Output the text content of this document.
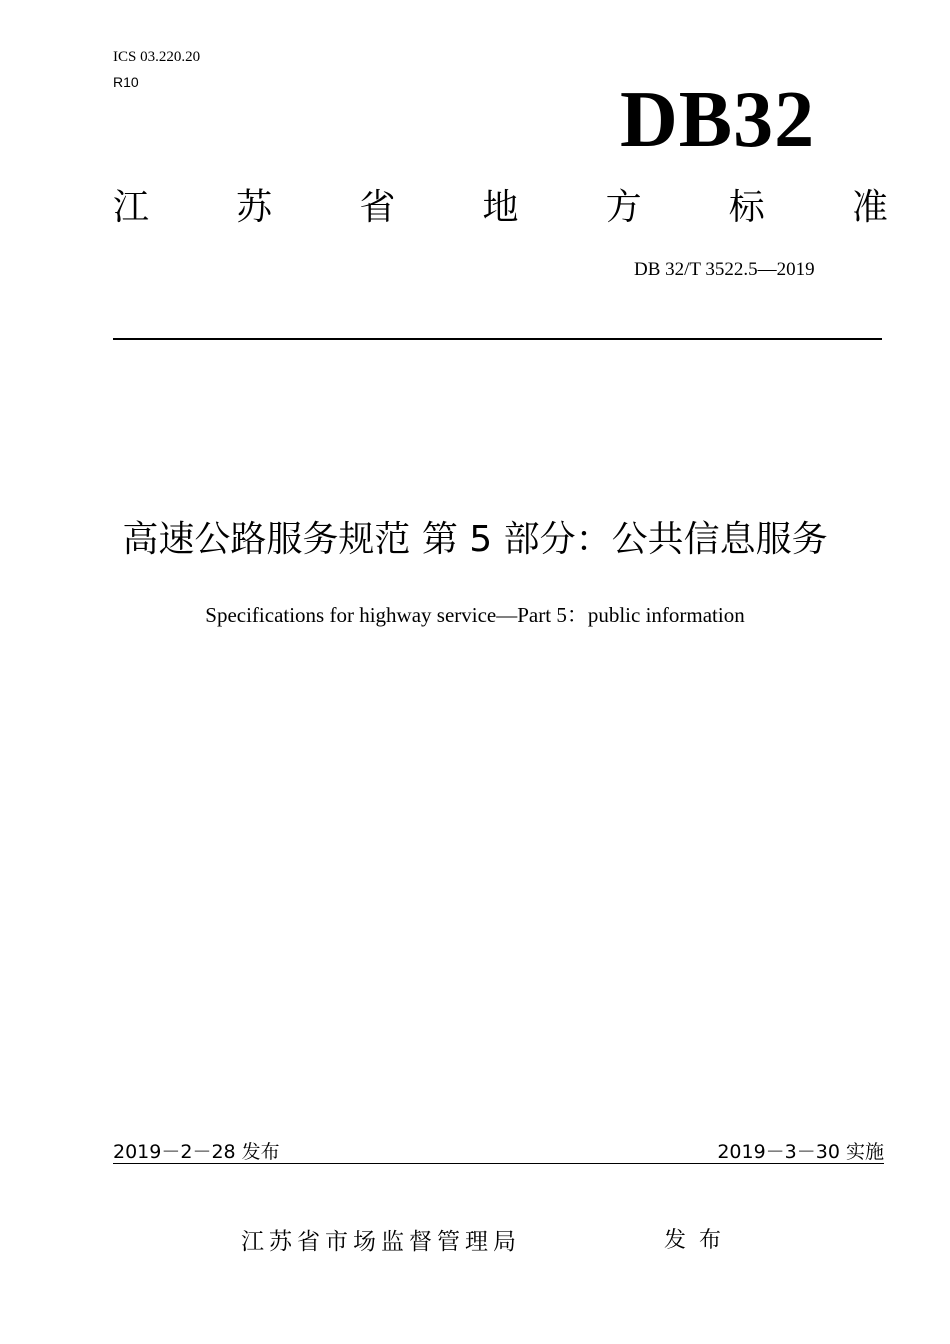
ICS 03.220.20
R10	DB32
江 苏 省 地 方 标 准
DB 32/T 3522.5—2019
高速公路服务规范 第 5 部分：公共信息服务
Specifications for highway service—Part 5：public information
2019－2－28 发布	2019－3－30 实施
江苏省市场监督管理局	发布
